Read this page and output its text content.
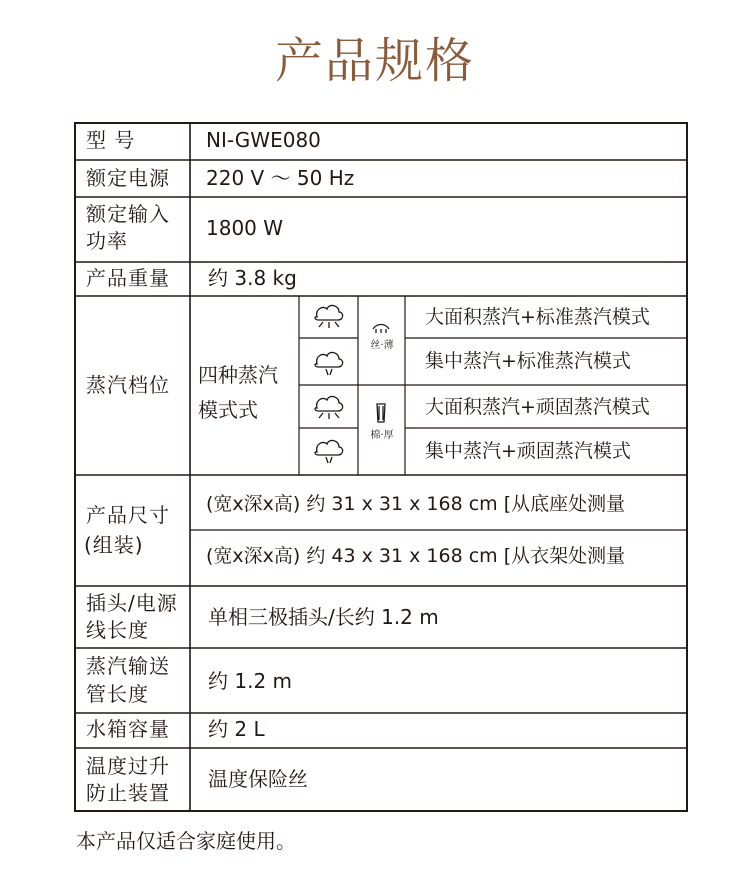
产品规格
型 号	NI-GWE080
额定电源 220 V ～ 50 Hz
额定输入
功率
1800 W
产品重量 约 3.8 kg
蒸汽档位 四种蒸汽
模式式
丝·薄
棉·厚
大面积蒸汽+标准蒸汽模式
集中蒸汽+标准蒸汽模式
大面积蒸汽+顽固蒸汽模式
集中蒸汽+顽固蒸汽模式
产品尺寸
(组装)
(宽x深x高) 约 31 x 31 x 168 cm [从底座处测量
(宽x深x高) 约 43 x 31 x 168 cm [从衣架处测量
插头/电源
线长度
单相三极插头/长约 1.2 m
蒸汽输送
管长度
约 1.2 m
水箱容量 约 2 L
温度过升
防止装置
温度保险丝
本产品仅适合家庭使用。
